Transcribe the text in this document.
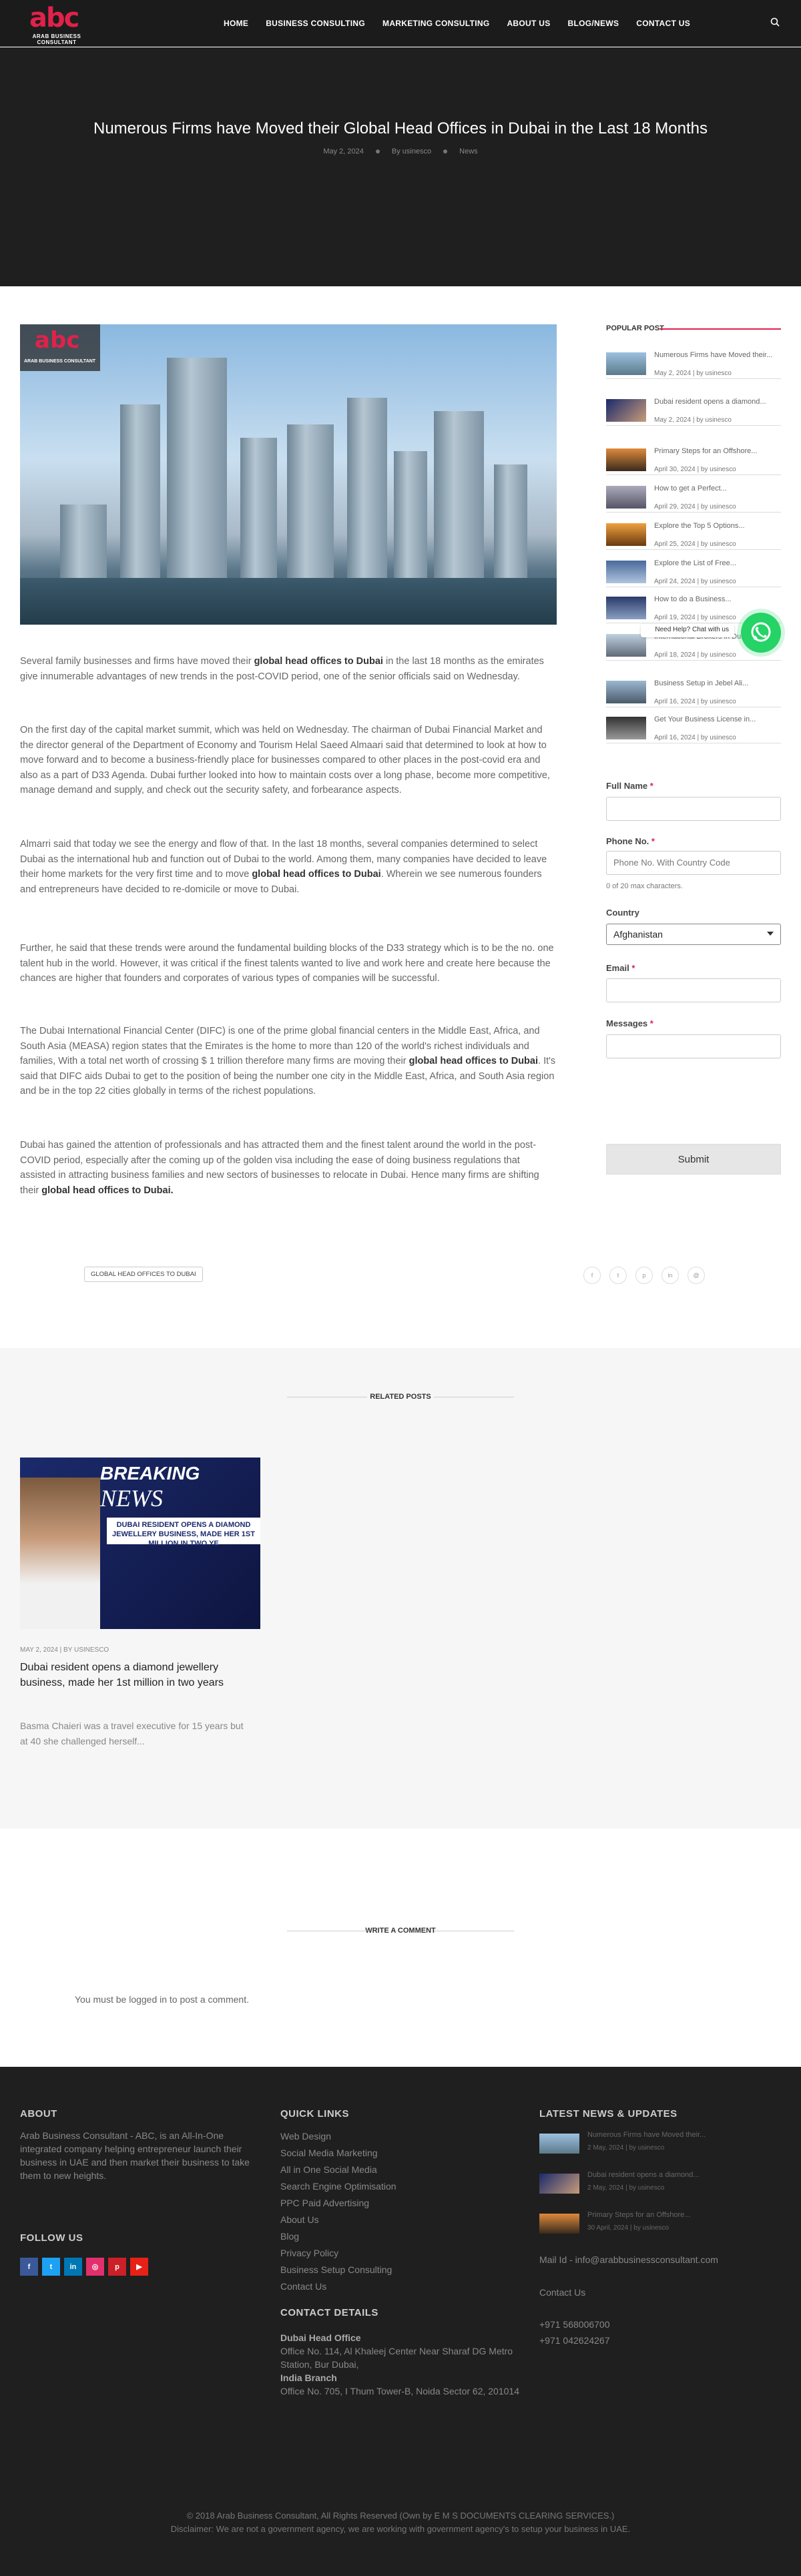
abc
ARAB BUSINESS CONSULTANT
HOME	BUSINESS CONSULTING	MARKETING CONSULTING	ABOUT US	BLOG/NEWS	CONTACT US
Numerous Firms have Moved their Global Head Offices in Dubai in the Last 18 Months
May 2, 2024	By usinesco	News
abc
ARAB BUSINESS CONSULTANT

Several family businesses and firms have moved their global head offices to Dubai in the last 18 months as the emirates give innumerable advantages of new trends in the post-COVID period, one of the senior officials said on Wednesday.

On the first day of the capital market summit, which was held on Wednesday. The chairman of Dubai Financial Market and the director general of the Department of Economy and Tourism Helal Saeed Almaari said that determined to look at how to move forward and to become a business-friendly place for businesses compared to other places in the post-covid era and also as a part of D33 Agenda. Dubai further looked into how to maintain costs over a long phase, become more competitive, manage demand and supply, and check out the security safety, and forbearance aspects.

Almarri said that today we see the energy and flow of that. In the last 18 months, several companies determined to select Dubai as the international hub and function out of Dubai to the world. Among them, many companies have decided to leave their home markets for the very first time and to move global head offices to Dubai. Wherein we see numerous founders and entrepreneurs have decided to re-domicile or move to Dubai.

Further, he said that these trends were around the fundamental building blocks of the D33 strategy which is to be the no. one talent hub in the world. However, it was critical if the finest talents wanted to live and work here and create here because the chances are higher that founders and corporates of various types of companies will be successful.

The Dubai International Financial Center (DIFC) is one of the prime global financial centers in the Middle East, Africa, and South Asia (MEASA) region states that the Emirates is the home to more than 120 of the world's richest individuals and families, With a total net worth of crossing $ 1 trillion therefore many firms are moving their global head offices to Dubai. It's said that DIFC aids Dubai to get to the position of being the number one city in the Middle East, Africa, and South Asia region and be in the top 22 cities globally in terms of the richest populations.

Dubai has gained the attention of professionals and has attracted them and the finest talent around the world in the post-COVID period, especially after the coming up of the golden visa including the ease of doing business regulations that assisted in attracting business families and new sectors of businesses to relocate in Dubai. Hence many firms are shifting their global head offices to Dubai.

GLOBAL HEAD OFFICES TO DUBAI	f	t	p	in	@
POPULAR POST
Numerous Firms have Moved their...
May 2, 2024 | by usinesco
Dubai resident opens a diamond...
May 2, 2024 | by usinesco
Primary Steps for an Offshore...
April 30, 2024 | by usinesco
How to get a Perfect...
April 29, 2024 | by usinesco
Explore the Top 5 Options...
April 25, 2024 | by usinesco
Explore the List of Free...
April 24, 2024 | by usinesco
How to do a Business...
April 19, 2024 | by usinesco
April 18, 2024 | by usinesco
Business Setup in Jebel Ali...
April 16, 2024 | by usinesco
Get Your Business License in...
April 16, 2024 | by usinesco
Need Help? Chat with us
Full Name *
Phone No. *
Phone No. With Country Code
0 of 20 max characters.
Country
Afghanistan
Email *
Messages *
Submit
RELATED POSTS
BREAKING
NEWS
DUBAI RESIDENT OPENS A DIAMOND JEWELLERY BUSINESS, MADE HER 1ST MILLION IN TWO YE
MAY 2, 2024 | BY USINESCO
Dubai resident opens a diamond jewellery business, made her 1st million in two years
Basma Chaieri was a travel executive for 15 years but at 40 she challenged herself...
WRITE A COMMENT
You must be logged in to post a comment.
ABOUT
Arab Business Consultant - ABC, is an All-In-One integrated company helping entrepreneur launch their business in UAE and then market their business to take them to new heights.
FOLLOW US
f	t	in	◎	p	▶
QUICK LINKS
Web Design
Social Media Marketing
All in One Social Media
Search Engine Optimisation
PPC Paid Advertising
About Us
Blog
Privacy Policy
Business Setup Consulting
Contact Us
CONTACT DETAILS
Dubai Head Office
Office No. 114, Al Khaleej Center Near Sharaf DG Metro Station, Bur Dubai,
India Branch
Office No. 705, I Thum Tower-B, Noida Sector 62, 201014
LATEST NEWS & UPDATES
Numerous Firms have Moved their...
2 May, 2024 | by usinesco
Dubai resident opens a diamond...
2 May, 2024 | by usinesco
Primary Steps for an Offshore...
30 April, 2024 | by usinesco
Mail Id - info@arabbusinessconsultant.com
Contact Us
+971 568006700
+971 042624267
© 2018 Arab Business Consultant, All Rights Reserved (Own by E M S DOCUMENTS CLEARING SERVICES.)
Disclaimer: We are not a government agency, we are working with government agency's to setup your business in UAE.
